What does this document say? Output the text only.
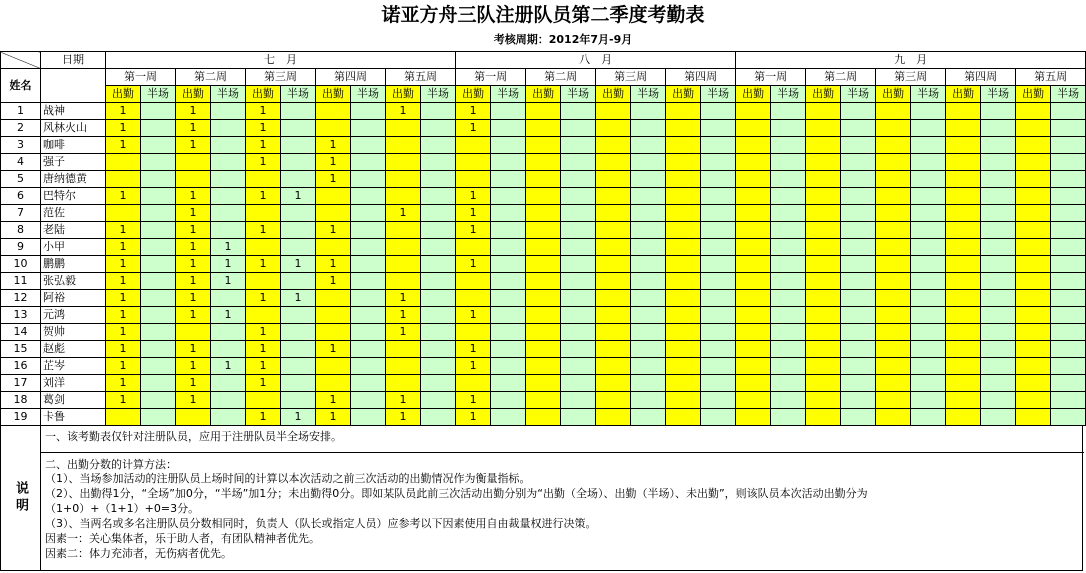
诺亚方舟三队注册队员第二季度考勤表
考核周期：2012年7月-9月
	日期	七　月										八　月								九　月									
姓名		第一周		第二周		第三周		第四周		第五周		第一周		第二周		第三周		第四周		第一周		第二周		第三周		第四周		第五周	
		出勤	半场	出勤	半场	出勤	半场	出勤	半场	出勤	半场	出勤	半场	出勤	半场	出勤	半场	出勤	半场	出勤	半场	出勤	半场	出勤	半场	出勤	半场	出勤	半场
1	战神	1		1		1				1		1																	
2	风林火山	1		1		1						1																	
3	咖啡	1		1		1		1																					
4	强子					1		1																					
5	唐纳德黄							1																					
6	巴特尔	1		1		1	1					1																	
7	范佐			1						1		1																	
8	老陆	1		1		1		1				1																	
9	小甲	1		1	1																								
10	鹏鹏	1		1	1	1	1	1				1																	
11	张弘毅	1		1	1			1																					
12	阿裕	1		1		1	1			1																			
13	元鸿	1		1	1					1		1																	
14	贺帅	1				1				1																			
15	赵彪	1		1		1		1				1																	
16	芷岑	1		1	1	1						1																	
17	刘洋	1		1		1																							
18	葛剑	1		1				1		1		1																	
19	卡鲁					1	1	1		1		1																	
说明
一、该考勤表仅针对注册队员，应用于注册队员半全场安排。
二、出勤分数的计算方法：
（1）、当场参加活动的注册队员上场时间的计算以本次活动之前三次活动的出勤情况作为衡量指标。
（2）、出勤得1分，“全场”加0分，“半场”加1分；未出勤得0分。即如某队员此前三次活动出勤分别为“出勤（全场）、出勤（半场）、未出勤”，则该队员本次活动出勤分为
（1+0）+（1+1）+0=3分。
（3）、当两名或多名注册队员分数相同时，负责人（队长或指定人员）应参考以下因素使用自由裁量权进行决策。
因素一：关心集体者，乐于助人者，有团队精神者优先。
因素二：体力充沛者，无伤病者优先。
